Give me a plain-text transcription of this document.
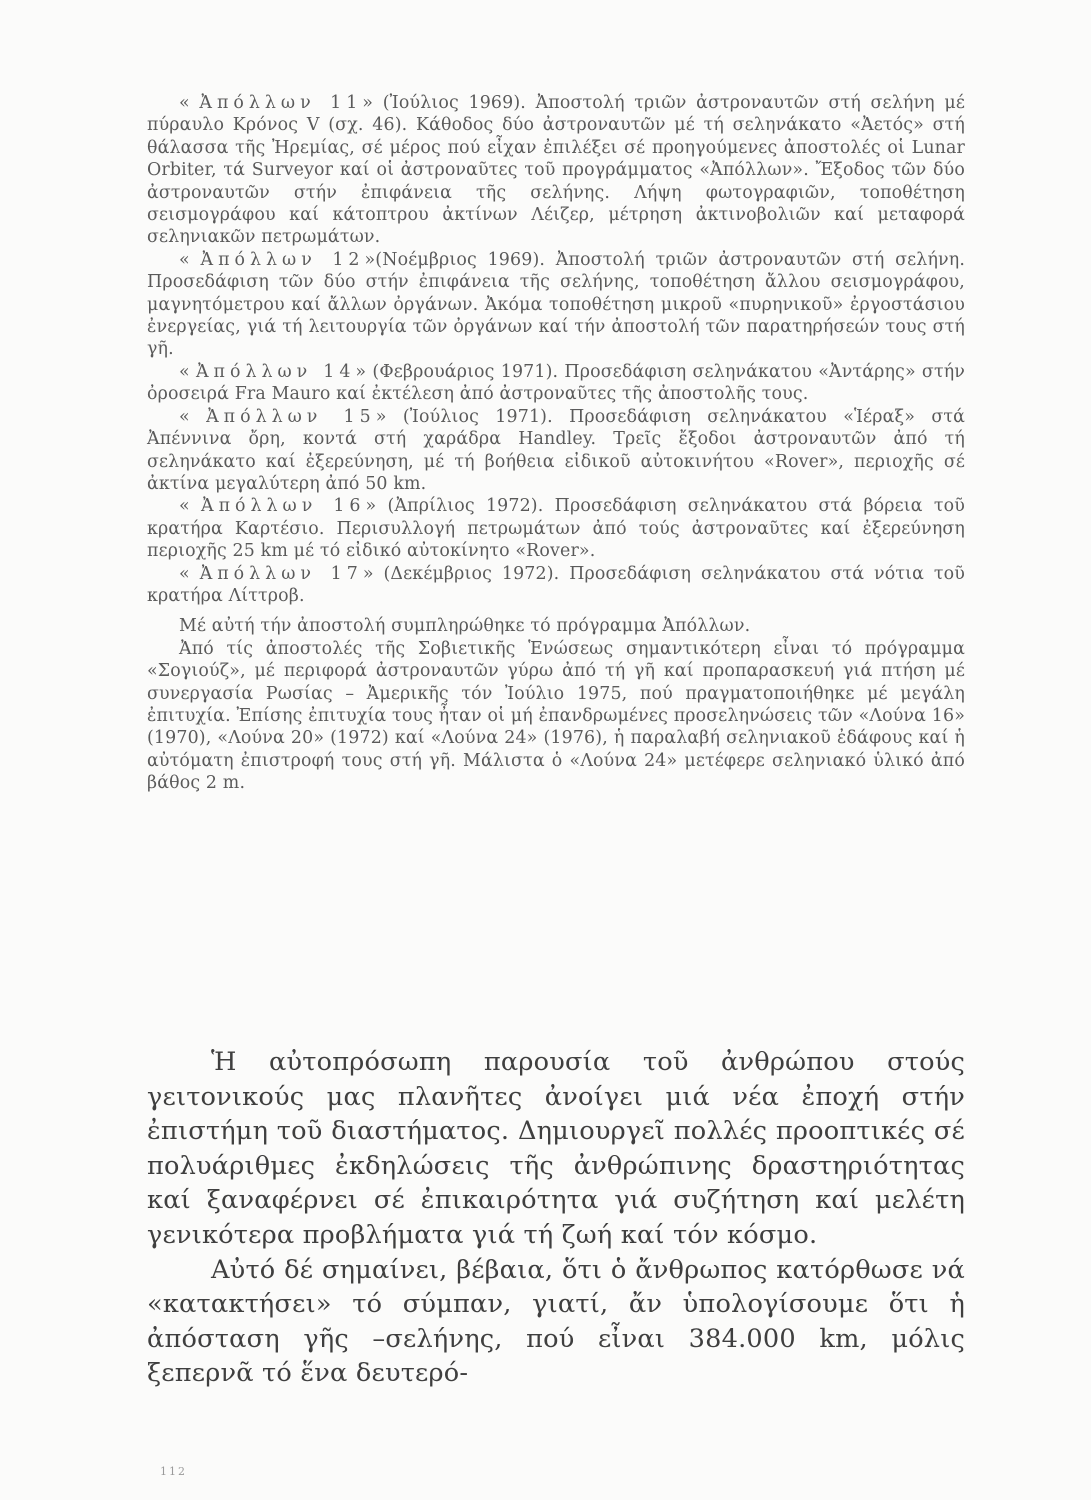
« Ἀπόλλων 11» (Ἰούλιος 1969). Ἀποστολή τριῶν ἀστροναυτῶν στή σελήνη μέ πύραυλο Κρόνος V (σχ. 46). Κάθοδος δύο ἀστροναυτῶν μέ τή σεληνάκατο «Ἀετός» στή θάλασσα τῆς Ἠρεμίας, σέ μέρος πού εἶχαν ἐπιλέξει σέ προηγούμενες ἀποστολές οἱ Lunar Orbiter, τά Surveyor καί οἱ ἀστροναῦτες τοῦ προγράμματος «Ἀπόλλων». Ἔξοδος τῶν δύο ἀστροναυτῶν στήν ἐπιφάνεια τῆς σελήνης. Λήψη φωτογραφιῶν, τοποθέτηση σεισμογράφου καί κάτοπτρου ἀκτίνων Λέιζερ, μέτρηση ἀκτινοβολιῶν καί μεταφορά σεληνιακῶν πετρωμάτων.

« Ἀπόλλων 12»(Νοέμβριος 1969). Ἀποστολή τριῶν ἀστροναυτῶν στή σελήνη. Προσεδάφιση τῶν δύο στήν ἐπιφάνεια τῆς σελήνης, τοποθέτηση ἄλλου σεισμογράφου, μαγνητόμετρου καί ἄλλων ὀργάνων. Ἀκόμα τοποθέτηση μικροῦ «πυρηνικοῦ» ἐργοστάσιου ἐνεργείας, γιά τή λειτουργία τῶν ὀργάνων καί τήν ἀποστολή τῶν παρατηρήσεών τους στή γῆ.

« Ἀπόλλων 14» (Φεβρουάριος 1971). Προσεδάφιση σεληνάκατου «Ἀντάρης» στήν ὀροσειρά Fra Mauro καί ἐκτέλεση ἀπό ἀστροναῦτες τῆς ἀποστολῆς τους.

« Ἀπόλλων 15» (Ἰούλιος 1971). Προσεδάφιση σεληνάκατου «Ἱέραξ» στά Ἀπέννινα ὄρη, κοντά στή χαράδρα Handley. Τρεῖς ἔξοδοι ἀστροναυτῶν ἀπό τή σεληνάκατο καί ἐξερεύνηση, μέ τή βοήθεια εἰδικοῦ αὐτοκινήτου «Rover», περιοχῆς σέ ἀκτίνα μεγαλύτερη ἀπό 50 km.

« Ἀπόλλων 16» (Ἀπρίλιος 1972). Προσεδάφιση σεληνάκατου στά βόρεια τοῦ κρατήρα Καρτέσιο. Περισυλλογή πετρωμάτων ἀπό τούς ἀστροναῦτες καί ἐξερεύνηση περιοχῆς 25 km μέ τό εἰδικό αὐτοκίνητο «Rover».

« Ἀπόλλων 17» (Δεκέμβριος 1972). Προσεδάφιση σεληνάκατου στά νότια τοῦ κρατήρα Λίττροβ.

Μέ αὐτή τήν ἀποστολή συμπληρώθηκε τό πρόγραμμα Ἀπόλλων.

Ἀπό τίς ἀποστολές τῆς Σοβιετικῆς Ἑνώσεως σημαντικότερη εἶναι τό πρόγραμμα «Σογιούζ», μέ περιφορά ἀστροναυτῶν γύρω ἀπό τή γῆ καί προπαρασκευή γιά πτήση μέ συνεργασία Ρωσίας – Ἀμερικῆς τόν Ἰούλιο 1975, πού πραγματοποιήθηκε μέ μεγάλη ἐπιτυχία. Ἐπίσης ἐπιτυχία τους ἦταν οἱ μή ἐπανδρωμένες προσεληνώσεις τῶν «Λούνα 16» (1970), «Λούνα 20» (1972) καί «Λούνα 24» (1976), ἡ παραλαβή σεληνιακοῦ ἐδάφους καί ἡ αὐτόματη ἐπιστροφή τους στή γῆ. Μάλιστα ὁ «Λούνα 24» μετέφερε σεληνιακό ὑλικό ἀπό βάθος 2 m.

Ἡ αὐτοπρόσωπη παρουσία τοῦ ἀνθρώπου στούς γειτονικούς μας πλανῆτες ἀνοίγει μιά νέα ἐποχή στήν ἐπιστήμη τοῦ διαστήματος. Δημιουργεῖ πολλές προοπτικές σέ πολυάριθμες ἐκδηλώσεις τῆς ἀνθρώπινης δραστηριότητας καί ξαναφέρνει σέ ἐπικαιρότητα γιά συζήτηση καί μελέτη γενικότερα προβλήματα γιά τή ζωή καί τόν κόσμο.

Αὐτό δέ σημαίνει, βέβαια, ὅτι ὁ ἄνθρωπος κατόρθωσε νά «κατακτήσει» τό σύμπαν, γιατί, ἄν ὑπολογίσουμε ὅτι ἡ ἀπόσταση γῆς –σελήνης, πού εἶναι 384.000 km, μόλις ξεπερνᾶ τό ἕνα δευτερό-

112
